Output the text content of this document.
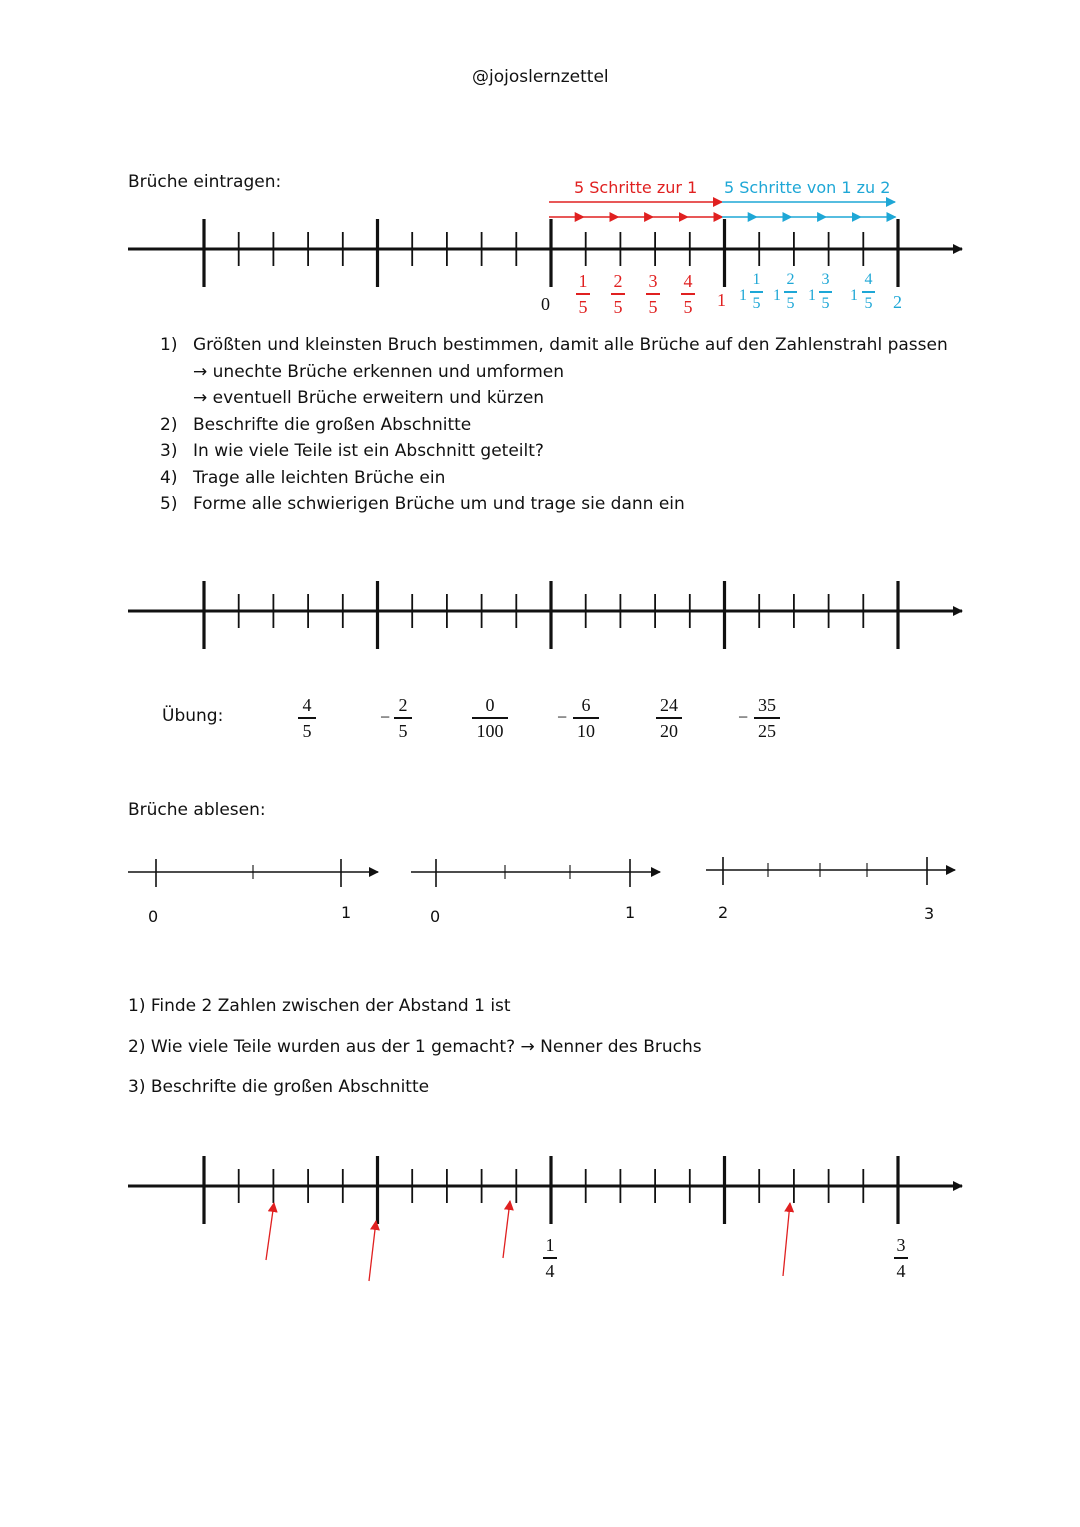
@jojoslernzettel
Brüche eintragen:	5 Schritte zur 1 5 Schritte von 1 zu 2
0	1	2
1
5
2
5
3
5
4
5
1
1
5 1
2
5 1
3
5 1
4
5
1) Größten und kleinsten Bruch bestimmen, damit alle Brüche auf den Zahlenstrahl passen
→ unechte Brüche erkennen und umformen
→ eventuell Brüche erweitern und kürzen
2) Beschrifte die großen Abschnitte
3) In wie viele Teile ist ein Abschnitt geteilt?
4) Trage alle leichten Brüche ein
5) Forme alle schwierigen Brüche um und trage sie dann ein
Übung:
4
5
−
2
5
0
100
−
6
10
24
20
−
35
25
Brüche ablesen:
0	1	0	1	2	3
1) Finde 2 Zahlen zwischen der Abstand 1 ist
2) Wie viele Teile wurden aus der 1 gemacht? → Nenner des Bruchs
3) Beschrifte die großen Abschnitte
1
4
3
4
